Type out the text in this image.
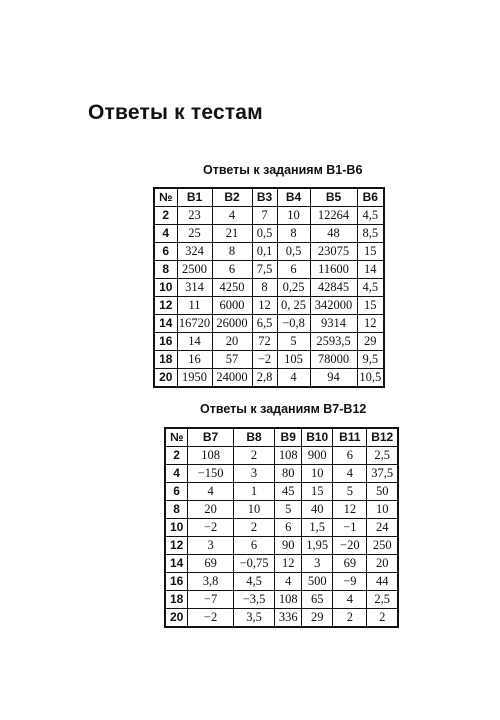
Ответы к тестам
Ответы к заданиям B1-B6
№	B1	B2	B3	B4	B5	B6
2	23	4	7	10	12264	4,5
4	25	21	0,5	8	48	8,5
6	324	8	0,1	0,5	23075	15
8	2500	6	7,5	6	11600	14
10	314	4250	8	0,25	42845	4,5
12	11	6000	12	0, 25	342000	15
14	16720	26000	6,5	−0,8	9314	12
16	14	20	72	5	2593,5	29
18	16	57	−2	105	78000	9,5
20	1950	24000	2,8	4	94	10,5
Ответы к заданиям B7-B12
№	B7	B8	B9	B10	B11	B12
2	108	2	108	900	6	2,5
4	−150	3	80	10	4	37,5
6	4	1	45	15	5	50
8	20	10	5	40	12	10
10	−2	2	6	1,5	−1	24
12	3	6	90	1,95	−20	250
14	69	−0,75	12	3	69	20
16	3,8	4,5	4	500	−9	44
18	−7	−3,5	108	65	4	2,5
20	−2	3,5	336	29	2	2
